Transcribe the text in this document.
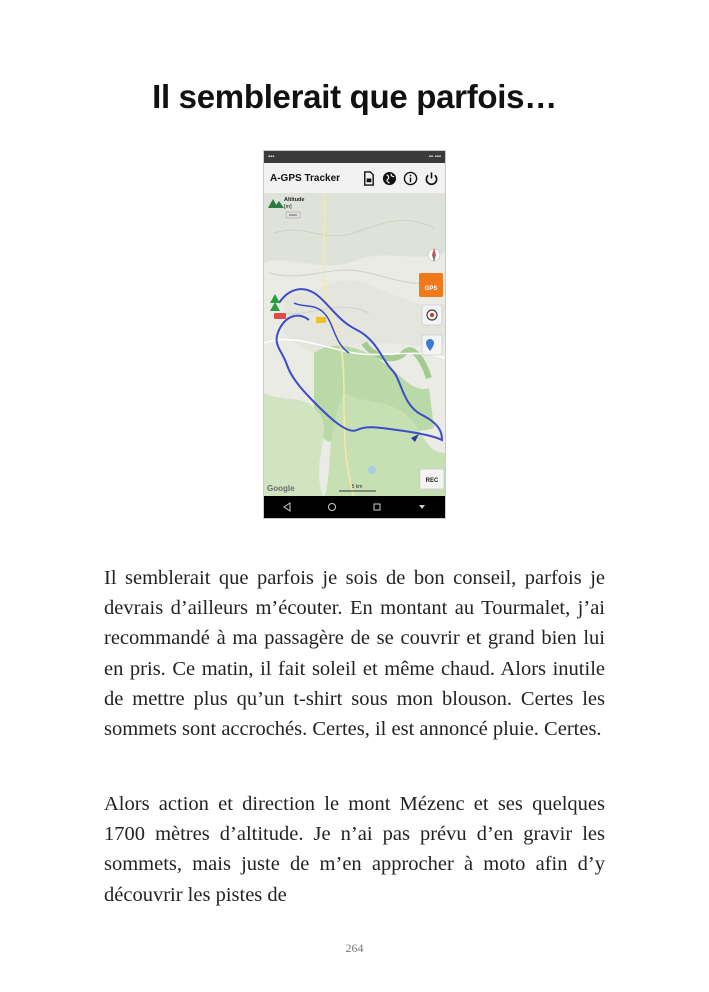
Il semblerait que parfois…
▪▪▪	▪▪ ▪▪▪
A-GPS Tracker
Altitude
[m]
GPS
REC
Google	5 km

Il semblerait que parfois je sois de bon conseil, parfois je devrais d’ailleurs m’écouter. En montant au Tourmalet, j’ai recommandé à ma passagère de se couvrir et grand bien lui en pris. Ce matin, il fait soleil et même chaud. Alors inutile de mettre plus qu’un t-shirt sous mon blouson. Certes les sommets sont accrochés. Certes, il est annoncé pluie. Certes.

Alors action et direction le mont Mézenc et ses quelques 1700 mètres d’altitude. Je n’ai pas prévu d’en gravir les sommets, mais juste de m’en approcher à moto afin d’y découvrir les pistes de

264
